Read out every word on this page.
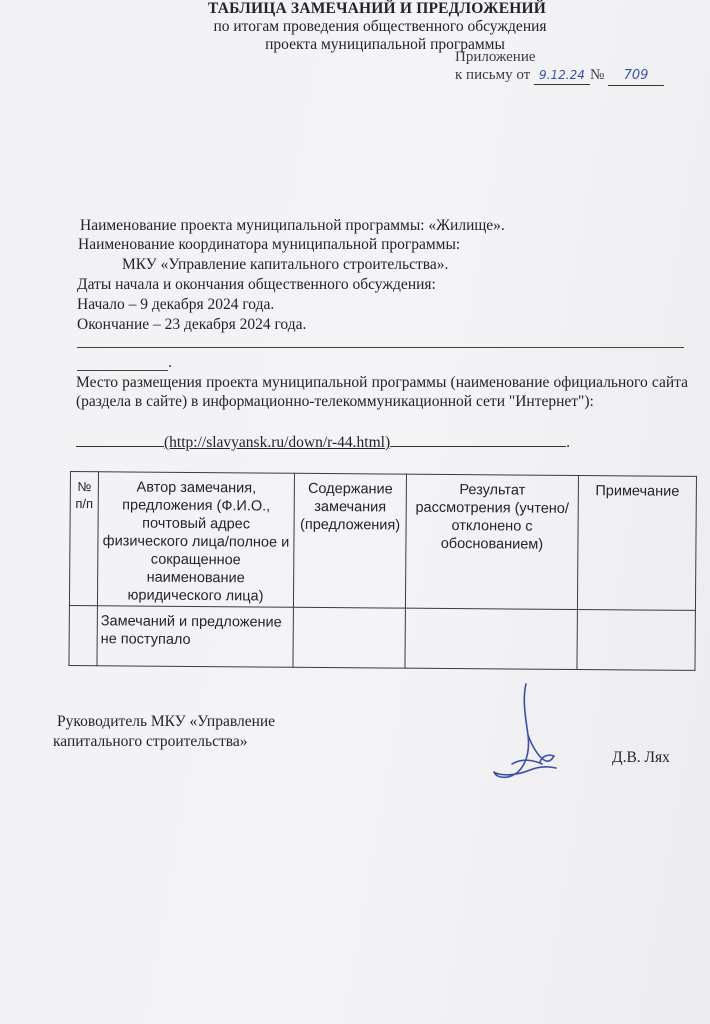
Приложение
к письму от 9.12.24 № 709
ТАБЛИЦА ЗАМЕЧАНИЙ И ПРЕДЛОЖЕНИЙ
по итогам проведения общественного обсуждения
проекта муниципальной программы
Наименование проекта муниципальной программы: «Жилище».
Наименование координатора муниципальной программы:
МКУ «Управление капитального строительства».
Даты начала и окончания общественного обсуждения:
Начало – 9 декабря 2024 года.
Окончание – 23 декабря 2024 года.
.
Место размещения проекта муниципальной программы (наименование официального сайта (раздела в сайте) в информационно-телекоммуникационной сети "Интернет"):
(http://slavyansk.ru/down/r-44.html)	.
№ п/п	Автор замечания, предложения (Ф.И.О., почтовый адрес физического лица/полное и сокращенное наименование юридического лица)	Содержание замечания (предложения)	Результат рассмотрения (учтено/отклонено с обоснованием)	Примечание
	Замечаний и предложение не поступало			
Руководитель МКУ «Управление
капитального строительства»
Д.В. Лях
